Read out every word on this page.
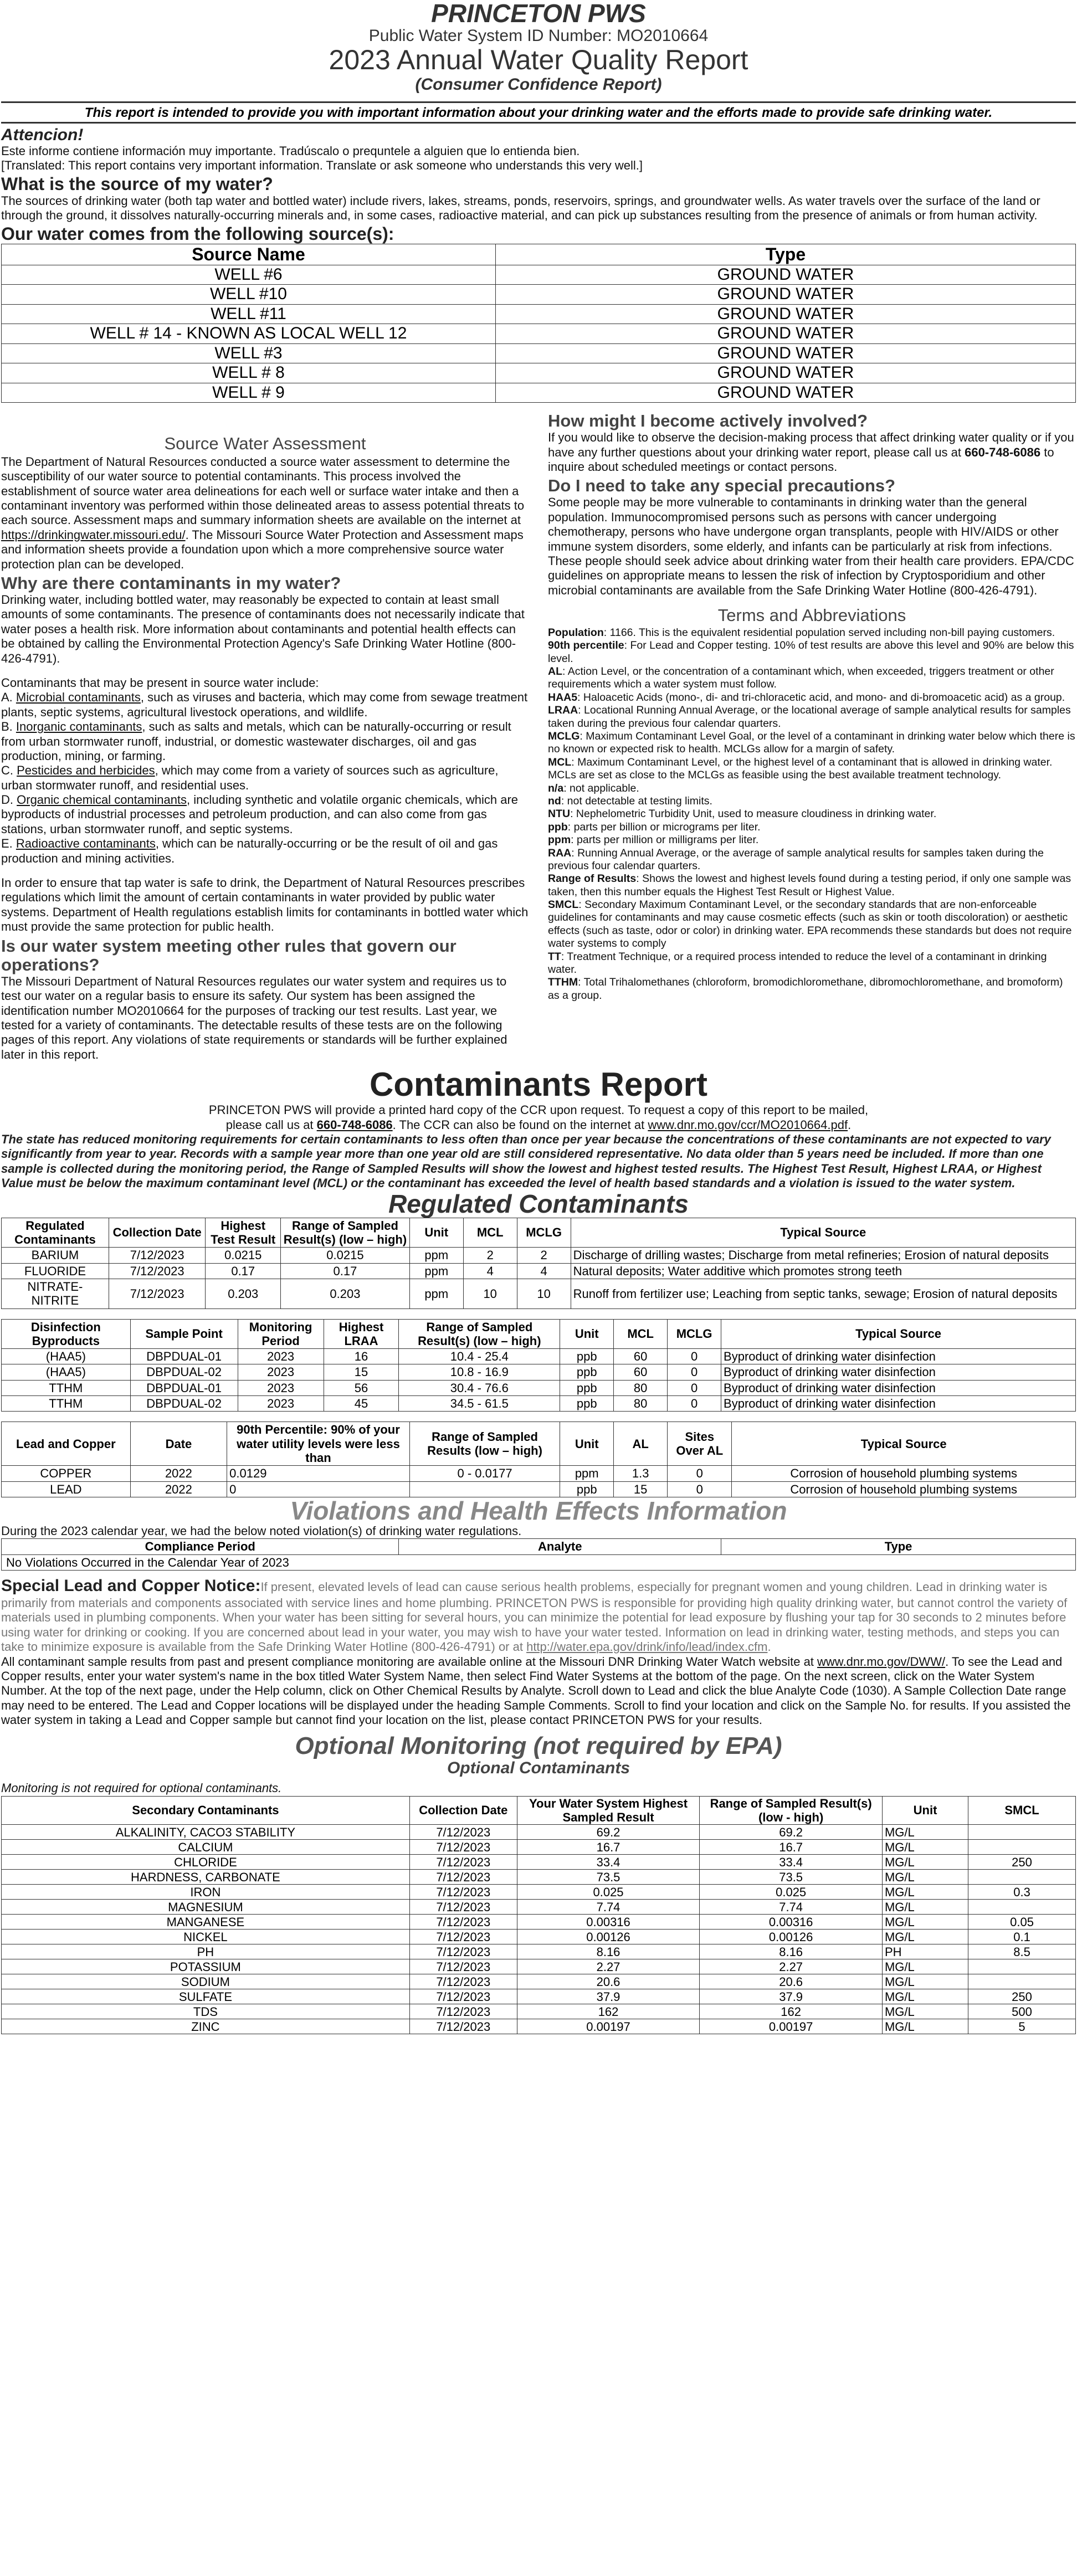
PRINCETON PWS
Public Water System ID Number: MO2010664
2023 Annual Water Quality Report
(Consumer Confidence Report)
This report is intended to provide you with important information about your drinking water and the efforts made to provide safe drinking water.
Attencion!

Este informe contiene información muy importante. Tradúscalo o prequntele a alguien que lo entienda bien.

[Translated: This report contains very important information. Translate or ask someone who understands this very well.]

What is the source of my water?

The sources of drinking water (both tap water and bottled water) include rivers, lakes, streams, ponds, reservoirs, springs, and groundwater wells. As water travels over the surface of the land or through the ground, it dissolves naturally-occurring minerals and, in some cases, radioactive material, and can pick up substances resulting from the presence of animals or from human activity.

Our water comes from the following source(s):
Source Name	Type
WELL #6	GROUND WATER
WELL #10	GROUND WATER
WELL #11	GROUND WATER
WELL # 14 - KNOWN AS LOCAL WELL 12	GROUND WATER
WELL #3	GROUND WATER
WELL # 8	GROUND WATER
WELL # 9	GROUND WATER
Source Water Assessment

The Department of Natural Resources conducted a source water assessment to determine the susceptibility of our water source to potential contaminants. This process involved the establishment of source water area delineations for each well or surface water intake and then a contaminant inventory was performed within those delineated areas to assess potential threats to each source. Assessment maps and summary information sheets are available on the internet at https://drinkingwater.missouri.edu/. The Missouri Source Water Protection and Assessment maps and information sheets provide a foundation upon which a more comprehensive source water protection plan can be developed.

Why are there contaminants in my water?

Drinking water, including bottled water, may reasonably be expected to contain at least small amounts of some contaminants. The presence of contaminants does not necessarily indicate that water poses a health risk. More information about contaminants and potential health effects can be obtained by calling the Environmental Protection Agency's Safe Drinking Water Hotline (800-426-4791).

Contaminants that may be present in source water include:

A. Microbial contaminants, such as viruses and bacteria, which may come from sewage treatment plants, septic systems, agricultural livestock operations, and wildlife.

B. Inorganic contaminants, such as salts and metals, which can be naturally-occurring or result from urban stormwater runoff, industrial, or domestic wastewater discharges, oil and gas production, mining, or farming.

C. Pesticides and herbicides, which may come from a variety of sources such as agriculture, urban stormwater runoff, and residential uses.

D. Organic chemical contaminants, including synthetic and volatile organic chemicals, which are byproducts of industrial processes and petroleum production, and can also come from gas stations, urban stormwater runoff, and septic systems.

E. Radioactive contaminants, which can be naturally-occurring or be the result of oil and gas production and mining activities.

In order to ensure that tap water is safe to drink, the Department of Natural Resources prescribes regulations which limit the amount of certain contaminants in water provided by public water systems. Department of Health regulations establish limits for contaminants in bottled water which must provide the same protection for public health.

Is our water system meeting other rules that govern our operations?

The Missouri Department of Natural Resources regulates our water system and requires us to test our water on a regular basis to ensure its safety. Our system has been assigned the identification number MO2010664 for the purposes of tracking our test results. Last year, we tested for a variety of contaminants. The detectable results of these tests are on the following pages of this report. Any violations of state requirements or standards will be further explained later in this report.

How might I become actively involved?

If you would like to observe the decision-making process that affect drinking water quality or if you have any further questions about your drinking water report, please call us at 660-748-6086 to inquire about scheduled meetings or contact persons.

Do I need to take any special precautions?

Some people may be more vulnerable to contaminants in drinking water than the general population. Immunocompromised persons such as persons with cancer undergoing chemotherapy, persons who have undergone organ transplants, people with HIV/AIDS or other immune system disorders, some elderly, and infants can be particularly at risk from infections. These people should seek advice about drinking water from their health care providers. EPA/CDC guidelines on appropriate means to lessen the risk of infection by Cryptosporidium and other microbial contaminants are available from the Safe Drinking Water Hotline (800-426-4791).

Terms and Abbreviations

Population: 1166. This is the equivalent residential population served including non-bill paying customers.

90th percentile: For Lead and Copper testing. 10% of test results are above this level and 90% are below this level.

AL: Action Level, or the concentration of a contaminant which, when exceeded, triggers treatment or other requirements which a water system must follow.

HAA5: Haloacetic Acids (mono-, di- and tri-chloracetic acid, and mono- and di-bromoacetic acid) as a group.

LRAA: Locational Running Annual Average, or the locational average of sample analytical results for samples taken during the previous four calendar quarters.

MCLG: Maximum Contaminant Level Goal, or the level of a contaminant in drinking water below which there is no known or expected risk to health. MCLGs allow for a margin of safety.

MCL: Maximum Contaminant Level, or the highest level of a contaminant that is allowed in drinking water. MCLs are set as close to the MCLGs as feasible using the best available treatment technology.

n/a: not applicable.

nd: not detectable at testing limits.

NTU: Nephelometric Turbidity Unit, used to measure cloudiness in drinking water.

ppb: parts per billion or micrograms per liter.

ppm: parts per million or milligrams per liter.

RAA: Running Annual Average, or the average of sample analytical results for samples taken during the previous four calendar quarters.

Range of Results: Shows the lowest and highest levels found during a testing period, if only one sample was taken, then this number equals the Highest Test Result or Highest Value.

SMCL: Secondary Maximum Contaminant Level, or the secondary standards that are non-enforceable guidelines for contaminants and may cause cosmetic effects (such as skin or tooth discoloration) or aesthetic effects (such as taste, odor or color) in drinking water. EPA recommends these standards but does not require water systems to comply

TT: Treatment Technique, or a required process intended to reduce the level of a contaminant in drinking water.

TTHM: Total Trihalomethanes (chloroform, bromodichloromethane, dibromochloromethane, and bromoform) as a group.

Contaminants Report

PRINCETON PWS will provide a printed hard copy of the CCR upon request. To request a copy of this report to be mailed,

please call us at 660-748-6086. The CCR can also be found on the internet at www.dnr.mo.gov/ccr/MO2010664.pdf.

The state has reduced monitoring requirements for certain contaminants to less often than once per year because the concentrations of these contaminants are not expected to vary significantly from year to year. Records with a sample year more than one year old are still considered representative. No data older than 5 years need be included. If more than one sample is collected during the monitoring period, the Range of Sampled Results will show the lowest and highest tested results. The Highest Test Result, Highest LRAA, or Highest Value must be below the maximum contaminant level (MCL) or the contaminant has exceeded the level of health based standards and a violation is issued to the water system.

Regulated Contaminants
Regulated Contaminants	Collection Date	Highest Test Result	Range of Sampled Result(s) (low – high)	Unit	MCL	MCLG	Typical Source
BARIUM	7/12/2023	0.0215	0.0215	ppm	2	2	Discharge of drilling wastes; Discharge from metal refineries; Erosion of natural deposits
FLUORIDE	7/12/2023	0.17	0.17	ppm	4	4	Natural deposits; Water additive which promotes strong teeth
NITRATE-NITRITE	7/12/2023	0.203	0.203	ppm	10	10	Runoff from fertilizer use; Leaching from septic tanks, sewage; Erosion of natural deposits
Disinfection Byproducts	Sample Point	Monitoring Period	Highest LRAA	Range of Sampled Result(s) (low – high)	Unit	MCL	MCLG	Typical Source
(HAA5)	DBPDUAL-01	2023	16	10.4 - 25.4	ppb	60	0	Byproduct of drinking water disinfection
(HAA5)	DBPDUAL-02	2023	15	10.8 - 16.9	ppb	60	0	Byproduct of drinking water disinfection
TTHM	DBPDUAL-01	2023	56	30.4 - 76.6	ppb	80	0	Byproduct of drinking water disinfection
TTHM	DBPDUAL-02	2023	45	34.5 - 61.5	ppb	80	0	Byproduct of drinking water disinfection
Lead and Copper	Date	90th Percentile: 90% of your water utility levels were less than	Range of Sampled Results (low – high)	Unit	AL	Sites Over AL	Typical Source
COPPER	2022	0.0129	0 - 0.0177	ppm	1.3	0	Corrosion of household plumbing systems
LEAD	2022	0		ppb	15	0	Corrosion of household plumbing systems
Violations and Health Effects Information

During the 2023 calendar year, we had the below noted violation(s) of drinking water regulations.

Compliance Period	Analyte	Type
No Violations Occurred in the Calendar Year of 2023

Special Lead and Copper Notice:If present, elevated levels of lead can cause serious health problems, especially for pregnant women and young children. Lead in drinking water is primarily from materials and components associated with service lines and home plumbing. PRINCETON PWS is responsible for providing high quality drinking water, but cannot control the variety of materials used in plumbing components. When your water has been sitting for several hours, you can minimize the potential for lead exposure by flushing your tap for 30 seconds to 2 minutes before using water for drinking or cooking. If you are concerned about lead in your water, you may wish to have your water tested. Information on lead in drinking water, testing methods, and steps you can take to minimize exposure is available from the Safe Drinking Water Hotline (800-426-4791) or at http://water.epa.gov/drink/info/lead/index.cfm.

All contaminant sample results from past and present compliance monitoring are available online at the Missouri DNR Drinking Water Watch website at www.dnr.mo.gov/DWW/. To see the Lead and Copper results, enter your water system's name in the box titled Water System Name, then select Find Water Systems at the bottom of the page. On the next screen, click on the Water System Number. At the top of the next page, under the Help column, click on Other Chemical Results by Analyte. Scroll down to Lead and click the blue Analyte Code (1030). A Sample Collection Date range may need to be entered. The Lead and Copper locations will be displayed under the heading Sample Comments. Scroll to find your location and click on the Sample No. for results. If you assisted the water system in taking a Lead and Copper sample but cannot find your location on the list, please contact PRINCETON PWS for your results.

Optional Monitoring (not required by EPA)
Optional Contaminants

Monitoring is not required for optional contaminants.

Secondary Contaminants	Collection Date	Your Water System Highest Sampled Result	Range of Sampled Result(s) (low - high)	Unit	SMCL
ALKALINITY, CACO3 STABILITY	7/12/2023	69.2	69.2	MG/L	
CALCIUM	7/12/2023	16.7	16.7	MG/L	
CHLORIDE	7/12/2023	33.4	33.4	MG/L	250
HARDNESS, CARBONATE	7/12/2023	73.5	73.5	MG/L	
IRON	7/12/2023	0.025	0.025	MG/L	0.3
MAGNESIUM	7/12/2023	7.74	7.74	MG/L	
MANGANESE	7/12/2023	0.00316	0.00316	MG/L	0.05
NICKEL	7/12/2023	0.00126	0.00126	MG/L	0.1
PH	7/12/2023	8.16	8.16	PH	8.5
POTASSIUM	7/12/2023	2.27	2.27	MG/L	
SODIUM	7/12/2023	20.6	20.6	MG/L	
SULFATE	7/12/2023	37.9	37.9	MG/L	250
TDS	7/12/2023	162	162	MG/L	500
ZINC	7/12/2023	0.00197	0.00197	MG/L	5
